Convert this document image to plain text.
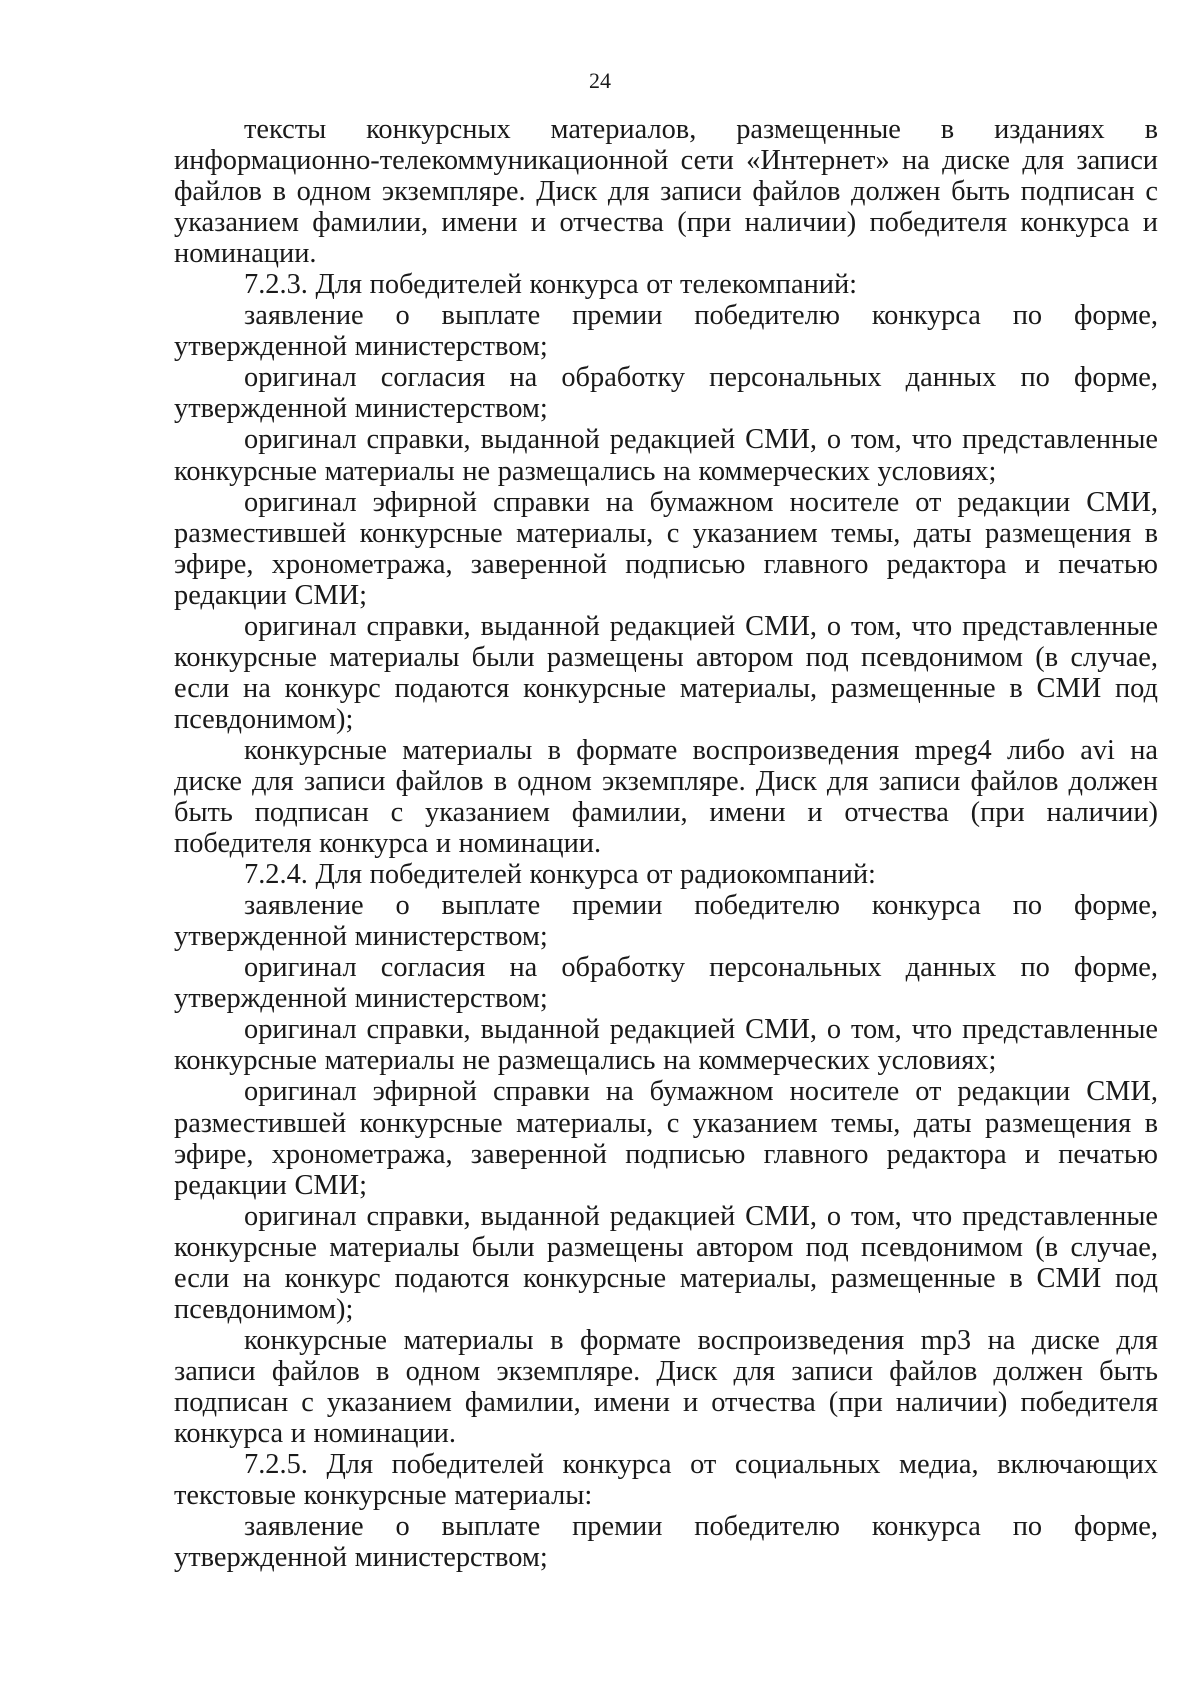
24

тексты конкурсных материалов, размещенные в изданиях в информационно-телекоммуникационной сети «Интернет» на диске для записи файлов в одном экземпляре. Диск для записи файлов должен быть подписан с указанием фамилии, имени и отчества (при наличии) победителя конкурса и номинации.

7.2.3. Для победителей конкурса от телекомпаний:

заявление о выплате премии победителю конкурса по форме, утвержденной министерством;

оригинал согласия на обработку персональных данных по форме, утвержденной министерством;

оригинал справки, выданной редакцией СМИ, о том, что представленные конкурсные материалы не размещались на коммерческих условиях;

оригинал эфирной справки на бумажном носителе от редакции СМИ, разместившей конкурсные материалы, с указанием темы, даты размещения в эфире, хронометража, заверенной подписью главного редактора и печатью редакции СМИ;

оригинал справки, выданной редакцией СМИ, о том, что представленные конкурсные материалы были размещены автором под псевдонимом (в случае, если на конкурс подаются конкурсные материалы, размещенные в СМИ под псевдонимом);

конкурсные материалы в формате воспроизведения mpeg4 либо avi на диске для записи файлов в одном экземпляре. Диск для записи файлов должен быть подписан с указанием фамилии, имени и отчества (при наличии) победителя конкурса и номинации.

7.2.4. Для победителей конкурса от радиокомпаний:

заявление о выплате премии победителю конкурса по форме, утвержденной министерством;

оригинал согласия на обработку персональных данных по форме, утвержденной министерством;

оригинал справки, выданной редакцией СМИ, о том, что представленные конкурсные материалы не размещались на коммерческих условиях;

оригинал эфирной справки на бумажном носителе от редакции СМИ, разместившей конкурсные материалы, с указанием темы, даты размещения в эфире, хронометража, заверенной подписью главного редактора и печатью редакции СМИ;

оригинал справки, выданной редакцией СМИ, о том, что представленные конкурсные материалы были размещены автором под псевдонимом (в случае, если на конкурс подаются конкурсные материалы, размещенные в СМИ под псевдонимом);

конкурсные материалы в формате воспроизведения mp3 на диске для записи файлов в одном экземпляре. Диск для записи файлов должен быть подписан с указанием фамилии, имени и отчества (при наличии) победителя конкурса и номинации.

7.2.5. Для победителей конкурса от социальных медиа, включающих текстовые конкурсные материалы:

заявление о выплате премии победителю конкурса по форме, утвержденной министерством;
